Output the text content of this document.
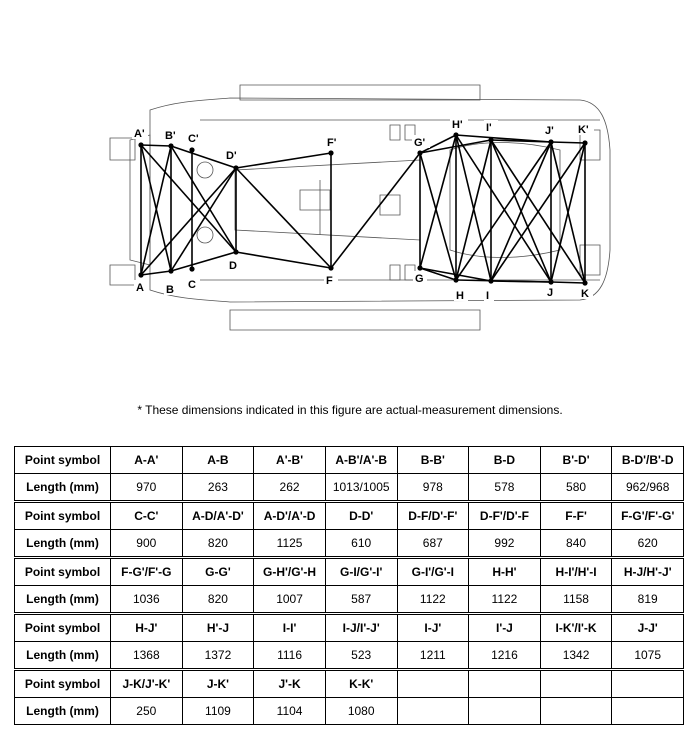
A' B' C'
D'
F'	G'
H' I'	J' K'
A B C
D
F	G
H I	J	K
* These dimensions indicated in this figure are actual-measurement dimensions.
Point symbol	A-A'	A-B	A'-B'	A-B'/A'-B	B-B'	B-D	B'-D'	B-D'/B'-D
Length (mm)	970	263	262	1013/1005	978	578	580	962/968
Point symbol	C-C'	A-D/A'-D'	A-D'/A'-D	D-D'	D-F/D'-F'	D-F'/D'-F	F-F'	F-G'/F'-G'
Length (mm)	900	820	1125	610	687	992	840	620
Point symbol	F-G'/F'-G	G-G'	G-H'/G'-H	G-I/G'-I'	G-I'/G'-I	H-H'	H-I'/H'-I	H-J/H'-J'
Length (mm)	1036	820	1007	587	1122	1122	1158	819
Point symbol	H-J'	H'-J	I-I'	I-J/I'-J'	I-J'	I'-J	I-K'/I'-K	J-J'
Length (mm)	1368	1372	1116	523	1211	1216	1342	1075
Point symbol	J-K/J'-K'	J-K'	J'-K	K-K'				
Length (mm)	250	1109	1104	1080				
